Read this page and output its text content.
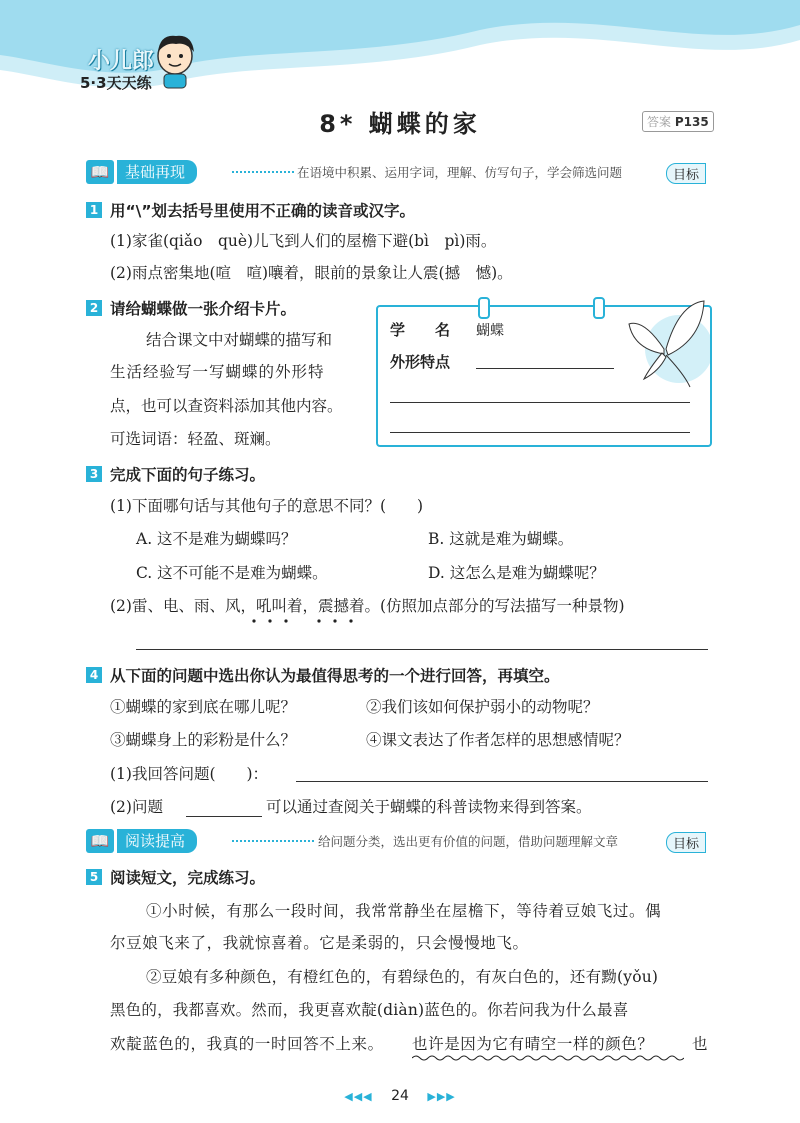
小儿郎
5·3天天练
8* 蝴蝶的家	答案 P135
📖	基础再现	在语境中积累、运用字词，理解、仿写句子，学会筛选问题	目标
1 用“\”划去括号里使用不正确的读音或汉字。
(1)家雀(qiǎo　què)儿飞到人们的屋檐下避(bì　pì)雨。
(2)雨点密集地(喧　喧)嚷着，眼前的景象让人震(撼　憾)。
2 请给蝴蝶做一张介绍卡片。
结合课文中对蝴蝶的描写和
生活经验写一写蝴蝶的外形特
点，也可以查资料添加其他内容。
可选词语：轻盈、斑斓。
学　　名 蝴蝶
外形特点
3 完成下面的句子练习。
(1)下面哪句话与其他句子的意思不同？(　　)
A. 这不是难为蝴蝶吗？	B. 这就是难为蝴蝶。
C. 这不可能不是难为蝴蝶。	D. 这怎么是难为蝴蝶呢？
(2)雷、电、雨、风，吼叫着，震撼着。(仿照加点部分的写法描写一种景物)
4 从下面的问题中选出你认为最值得思考的一个进行回答，再填空。
①蝴蝶的家到底在哪儿呢？	②我们该如何保护弱小的动物呢？
③蝴蝶身上的彩粉是什么？	④课文表达了作者怎样的思想感情呢？
(1)我回答问题(　　)：
(2)问题	可以通过查阅关于蝴蝶的科普读物来得到答案。
📖	阅读提高	给问题分类，选出更有价值的问题，借助问题理解文章	目标
5 阅读短文，完成练习。
①小时候，有那么一段时间，我常常静坐在屋檐下，等待着豆娘飞过。偶
尔豆娘飞来了，我就惊喜着。它是柔弱的，只会慢慢地飞。
②豆娘有多种颜色，有橙红色的，有碧绿色的，有灰白色的，还有黝(yǒu)
黑色的，我都喜欢。然而，我更喜欢靛(diàn)蓝色的。你若问我为什么最喜
欢靛蓝色的，我真的一时回答不上来。 也许是因为它有晴空一样的颜色？ 也
◀◀◀ 24 ▶▶▶
